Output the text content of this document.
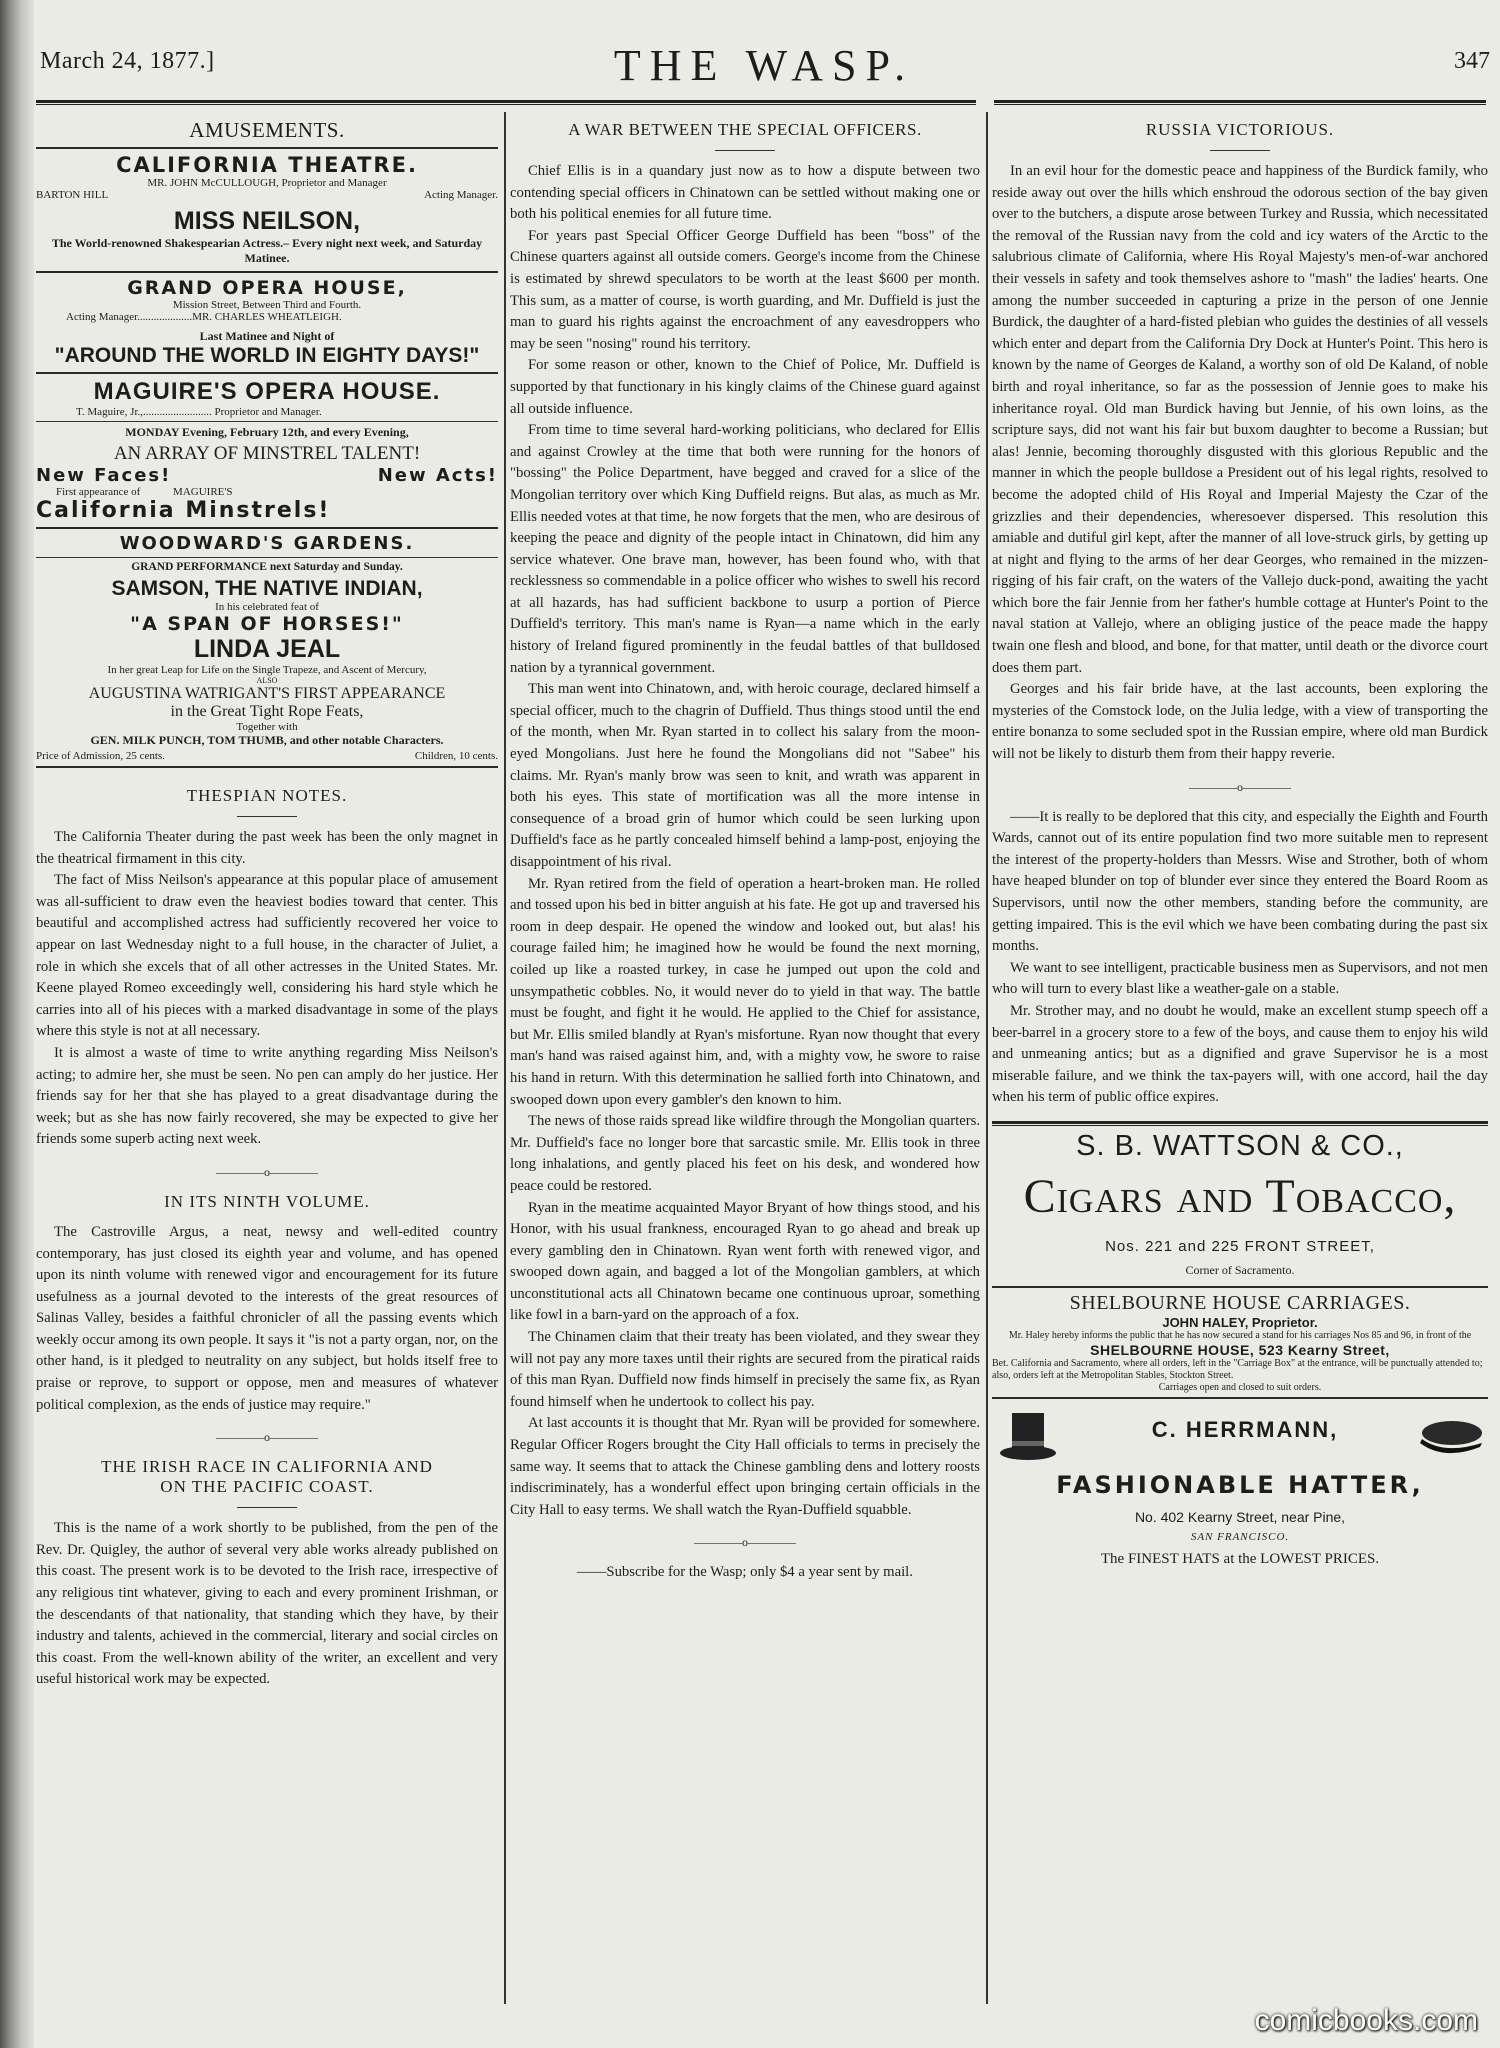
March 24, 1877.]	THE WASP.	347
AMUSEMENTS.
CALIFORNIA THEATRE.
MR. JOHN McCULLOUGH, Proprietor and Manager
BARTON HILL	Acting Manager.
MISS NEILSON,
The World-renowned Shakespearian Actress.– Every night next week, and Saturday Matinee.
GRAND OPERA HOUSE,
Mission Street, Between Third and Fourth.
Acting Manager....................MR. CHARLES WHEATLEIGH.
Last Matinee and Night of
"AROUND THE WORLD IN EIGHTY DAYS!"
MAGUIRE'S OPERA HOUSE.
T. Maguire, Jr.,......................... Proprietor and Manager.
MONDAY Evening, February 12th, and every Evening,
AN ARRAY OF MINSTREL TALENT!
New Faces!	New Acts!
First appearance of	MAGUIRE'S
California Minstrels!
WOODWARD'S GARDENS.
GRAND PERFORMANCE next Saturday and Sunday.
SAMSON, THE NATIVE INDIAN,
In his celebrated feat of
"A SPAN OF HORSES!"
LINDA JEAL
In her great Leap for Life on the Single Trapeze, and Ascent of Mercury,
ALSO
AUGUSTINA WATRIGANT'S FIRST APPEARANCE
in the Great Tight Rope Feats,
Together with
GEN. MILK PUNCH, TOM THUMB, and other notable Characters.
Price of Admission, 25 cents.	Children, 10 cents.
THESPIAN NOTES.

The California Theater during the past week has been the only magnet in the theatrical firmament in this city.

The fact of Miss Neilson's appearance at this popular place of amusement was all-sufficient to draw even the heaviest bodies toward that center. This beautiful and accomplished actress had sufficiently recovered her voice to appear on last Wednesday night to a full house, in the character of Juliet, a role in which she excels that of all other actresses in the United States. Mr. Keene played Romeo exceedingly well, considering his hard style which he carries into all of his pieces with a marked disadvantage in some of the plays where this style is not at all necessary.

It is almost a waste of time to write anything regarding Miss Neilson's acting; to admire her, she must be seen. No pen can amply do her justice. Her friends say for her that she has played to a great disadvantage during the week; but as she has now fairly recovered, she may be expected to give her friends some superb acting next week.

————o————
IN ITS NINTH VOLUME.

The Castroville Argus, a neat, newsy and well-edited country contemporary, has just closed its eighth year and volume, and has opened upon its ninth volume with renewed vigor and encouragement for its future usefulness as a journal devoted to the interests of the great resources of Salinas Valley, besides a faithful chronicler of all the passing events which weekly occur among its own people. It says it "is not a party organ, nor, on the other hand, is it pledged to neutrality on any subject, but holds itself free to praise or reprove, to support or oppose, men and measures of whatever political complexion, as the ends of justice may require."

————o————
THE IRISH RACE IN CALIFORNIA AND
ON THE PACIFIC COAST.

This is the name of a work shortly to be published, from the pen of the Rev. Dr. Quigley, the author of several very able works already published on this coast. The present work is to be devoted to the Irish race, irrespective of any religious tint whatever, giving to each and every prominent Irishman, or the descendants of that nationality, that standing which they have, by their industry and talents, achieved in the commercial, literary and social circles on this coast. From the well-known ability of the writer, an excellent and very useful historical work may be expected.

A WAR BETWEEN THE SPECIAL OFFICERS.

Chief Ellis is in a quandary just now as to how a dispute between two contending special officers in Chinatown can be settled without making one or both his political enemies for all future time.

For years past Special Officer George Duffield has been "boss" of the Chinese quarters against all outside comers. George's income from the Chinese is estimated by shrewd speculators to be worth at the least $600 per month. This sum, as a matter of course, is worth guarding, and Mr. Duffield is just the man to guard his rights against the encroachment of any eavesdroppers who may be seen "nosing" round his territory.

For some reason or other, known to the Chief of Police, Mr. Duffield is supported by that functionary in his kingly claims of the Chinese guard against all outside influence.

From time to time several hard-working politicians, who declared for Ellis and against Crowley at the time that both were running for the honors of "bossing" the Police Department, have begged and craved for a slice of the Mongolian territory over which King Duffield reigns. But alas, as much as Mr. Ellis needed votes at that time, he now forgets that the men, who are desirous of keeping the peace and dignity of the people intact in Chinatown, did him any service whatever. One brave man, however, has been found who, with that recklessness so commendable in a police officer who wishes to swell his record at all hazards, has had sufficient backbone to usurp a portion of Pierce Duffield's territory. This man's name is Ryan—a name which in the early history of Ireland figured prominently in the feudal battles of that bulldosed nation by a tyrannical government.

This man went into Chinatown, and, with heroic courage, declared himself a special officer, much to the chagrin of Duffield. Thus things stood until the end of the month, when Mr. Ryan started in to collect his salary from the moon-eyed Mongolians. Just here he found the Mongolians did not "Sabee" his claims. Mr. Ryan's manly brow was seen to knit, and wrath was apparent in both his eyes. This state of mortification was all the more intense in consequence of a broad grin of humor which could be seen lurking upon Duffield's face as he partly concealed himself behind a lamp-post, enjoying the disappointment of his rival.

Mr. Ryan retired from the field of operation a heart-broken man. He rolled and tossed upon his bed in bitter anguish at his fate. He got up and traversed his room in deep despair. He opened the window and looked out, but alas! his courage failed him; he imagined how he would be found the next morning, coiled up like a roasted turkey, in case he jumped out upon the cold and unsympathetic cobbles. No, it would never do to yield in that way. The battle must be fought, and fight it he would. He applied to the Chief for assistance, but Mr. Ellis smiled blandly at Ryan's misfortune. Ryan now thought that every man's hand was raised against him, and, with a mighty vow, he swore to raise his hand in return. With this determination he sallied forth into Chinatown, and swooped down upon every gambler's den known to him.

The news of those raids spread like wildfire through the Mongolian quarters. Mr. Duffield's face no longer bore that sarcastic smile. Mr. Ellis took in three long inhalations, and gently placed his feet on his desk, and wondered how peace could be restored.

Ryan in the meatime acquainted Mayor Bryant of how things stood, and his Honor, with his usual frankness, encouraged Ryan to go ahead and break up every gambling den in Chinatown. Ryan went forth with renewed vigor, and swooped down again, and bagged a lot of the Mongolian gamblers, at which unconstitutional acts all Chinatown became one continuous uproar, something like fowl in a barn-yard on the approach of a fox.

The Chinamen claim that their treaty has been violated, and they swear they will not pay any more taxes until their rights are secured from the piratical raids of this man Ryan. Duffield now finds himself in precisely the same fix, as Ryan found himself when he undertook to collect his pay.

At last accounts it is thought that Mr. Ryan will be provided for somewhere. Regular Officer Rogers brought the City Hall officials to terms in precisely the same way. It seems that to attack the Chinese gambling dens and lottery roosts indiscriminately, has a wonderful effect upon bringing certain officials in the City Hall to easy terms. We shall watch the Ryan-Duffield squabble.

————o————
——Subscribe for the Wasp; only $4 a year sent by mail.
RUSSIA VICTORIOUS.

In an evil hour for the domestic peace and happiness of the Burdick family, who reside away out over the hills which enshroud the odorous section of the bay given over to the butchers, a dispute arose between Turkey and Russia, which necessitated the removal of the Russian navy from the cold and icy waters of the Arctic to the salubrious climate of California, where His Royal Majesty's men-of-war anchored their vessels in safety and took themselves ashore to "mash" the ladies' hearts. One among the number succeeded in capturing a prize in the person of one Jennie Burdick, the daughter of a hard-fisted plebian who guides the destinies of all vessels which enter and depart from the California Dry Dock at Hunter's Point. This hero is known by the name of Georges de Kaland, a worthy son of old De Kaland, of noble birth and royal inheritance, so far as the possession of Jennie goes to make his inheritance royal. Old man Burdick having but Jennie, of his own loins, as the scripture says, did not want his fair but buxom daughter to become a Russian; but alas! Jennie, becoming thoroughly disgusted with this glorious Republic and the manner in which the people bulldose a President out of his legal rights, resolved to become the adopted child of His Royal and Imperial Majesty the Czar of the grizzlies and their dependencies, wheresoever dispersed. This resolution this amiable and dutiful girl kept, after the manner of all love-struck girls, by getting up at night and flying to the arms of her dear Georges, who remained in the mizzen-rigging of his fair craft, on the waters of the Vallejo duck-pond, awaiting the yacht which bore the fair Jennie from her father's humble cottage at Hunter's Point to the naval station at Vallejo, where an obliging justice of the peace made the happy twain one flesh and blood, and bone, for that matter, until death or the divorce court does them part.

Georges and his fair bride have, at the last accounts, been exploring the mysteries of the Comstock lode, on the Julia ledge, with a view of transporting the entire bonanza to some secluded spot in the Russian empire, where old man Burdick will not be likely to disturb them from their happy reverie.

————o————

——It is really to be deplored that this city, and especially the Eighth and Fourth Wards, cannot out of its entire population find two more suitable men to represent the interest of the property-holders than Messrs. Wise and Strother, both of whom have heaped blunder on top of blunder ever since they entered the Board Room as Supervisors, until now the other members, standing before the community, are getting impaired. This is the evil which we have been combating during the past six months.

We want to see intelligent, practicable business men as Supervisors, and not men who will turn to every blast like a weather-gale on a stable.

Mr. Strother may, and no doubt he would, make an excellent stump speech off a beer-barrel in a grocery store to a few of the boys, and cause them to enjoy his wild and unmeaning antics; but as a dignified and grave Supervisor he is a most miserable failure, and we think the tax-payers will, with one accord, hail the day when his term of public office expires.

S. B. WATTSON & CO.,
Cigars and Tobacco,
Nos. 221 and 225 FRONT STREET,
Corner of Sacramento.
SHELBOURNE HOUSE CARRIAGES.
JOHN HALEY, Proprietor.
Mr. Haley hereby informs the public that he has now secured a stand for his carriages Nos 85 and 96, in front of the
SHELBOURNE HOUSE, 523 Kearny Street,
Bet. California and Sacramento, where all orders, left in the "Carriage Box" at the entrance, will be punctually attended to; also, orders left at the Metropolitan Stables, Stockton Street.
Carriages open and closed to suit orders.
C. HERRMANN,
FASHIONABLE HATTER,
No. 402 Kearny Street, near Pine,
SAN FRANCISCO.
The FINEST HATS at the LOWEST PRICES.
comicbooks.com
